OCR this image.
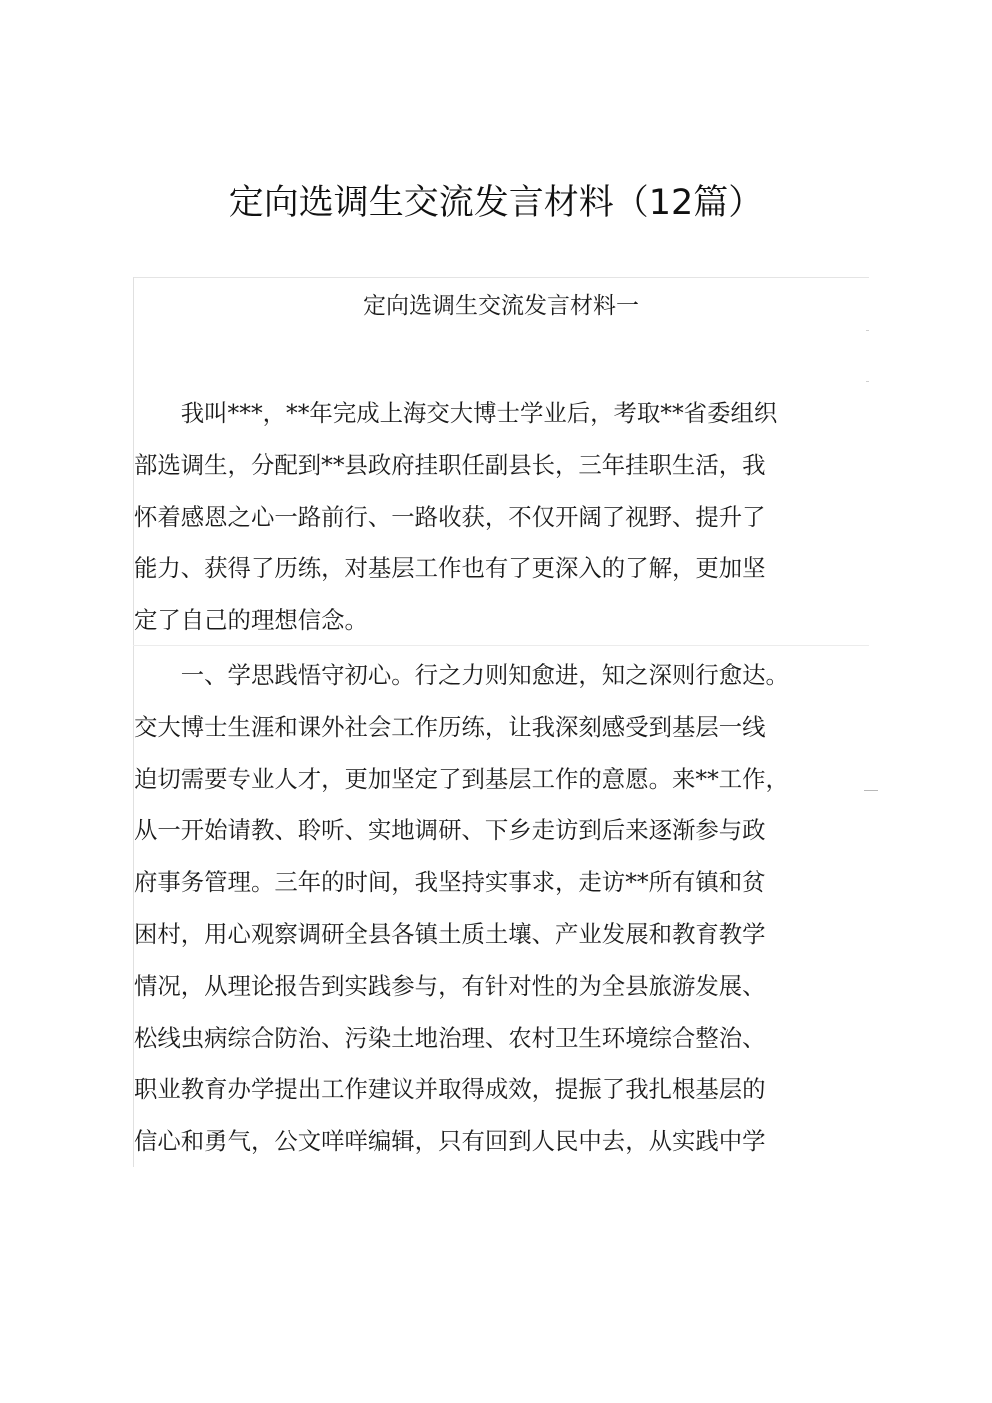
定向选调生交流发言材料（12篇）
定向选调生交流发言材料一
　　我叫***，**年完成上海交大博士学业后，考取**省委组织
部选调生，分配到**县政府挂职任副县长，三年挂职生活，我
怀着感恩之心一路前行、一路收获，不仅开阔了视野、提升了
能力、获得了历练，对基层工作也有了更深入的了解，更加坚
定了自己的理想信念。
　　一、学思践悟守初心。行之力则知愈进，知之深则行愈达。
交大博士生涯和课外社会工作历练，让我深刻感受到基层一线
迫切需要专业人才，更加坚定了到基层工作的意愿。来**工作，
从一开始请教、聆听、实地调研、下乡走访到后来逐渐参与政
府事务管理。三年的时间，我坚持实事求，走访**所有镇和贫
困村，用心观察调研全县各镇土质土壤、产业发展和教育教学
情况，从理论报告到实践参与，有针对性的为全县旅游发展、
松线虫病综合防治、污染土地治理、农村卫生环境综合整治、
职业教育办学提出工作建议并取得成效，提振了我扎根基层的
信心和勇气，公文咩咩编辑，只有回到人民中去，从实践中学
